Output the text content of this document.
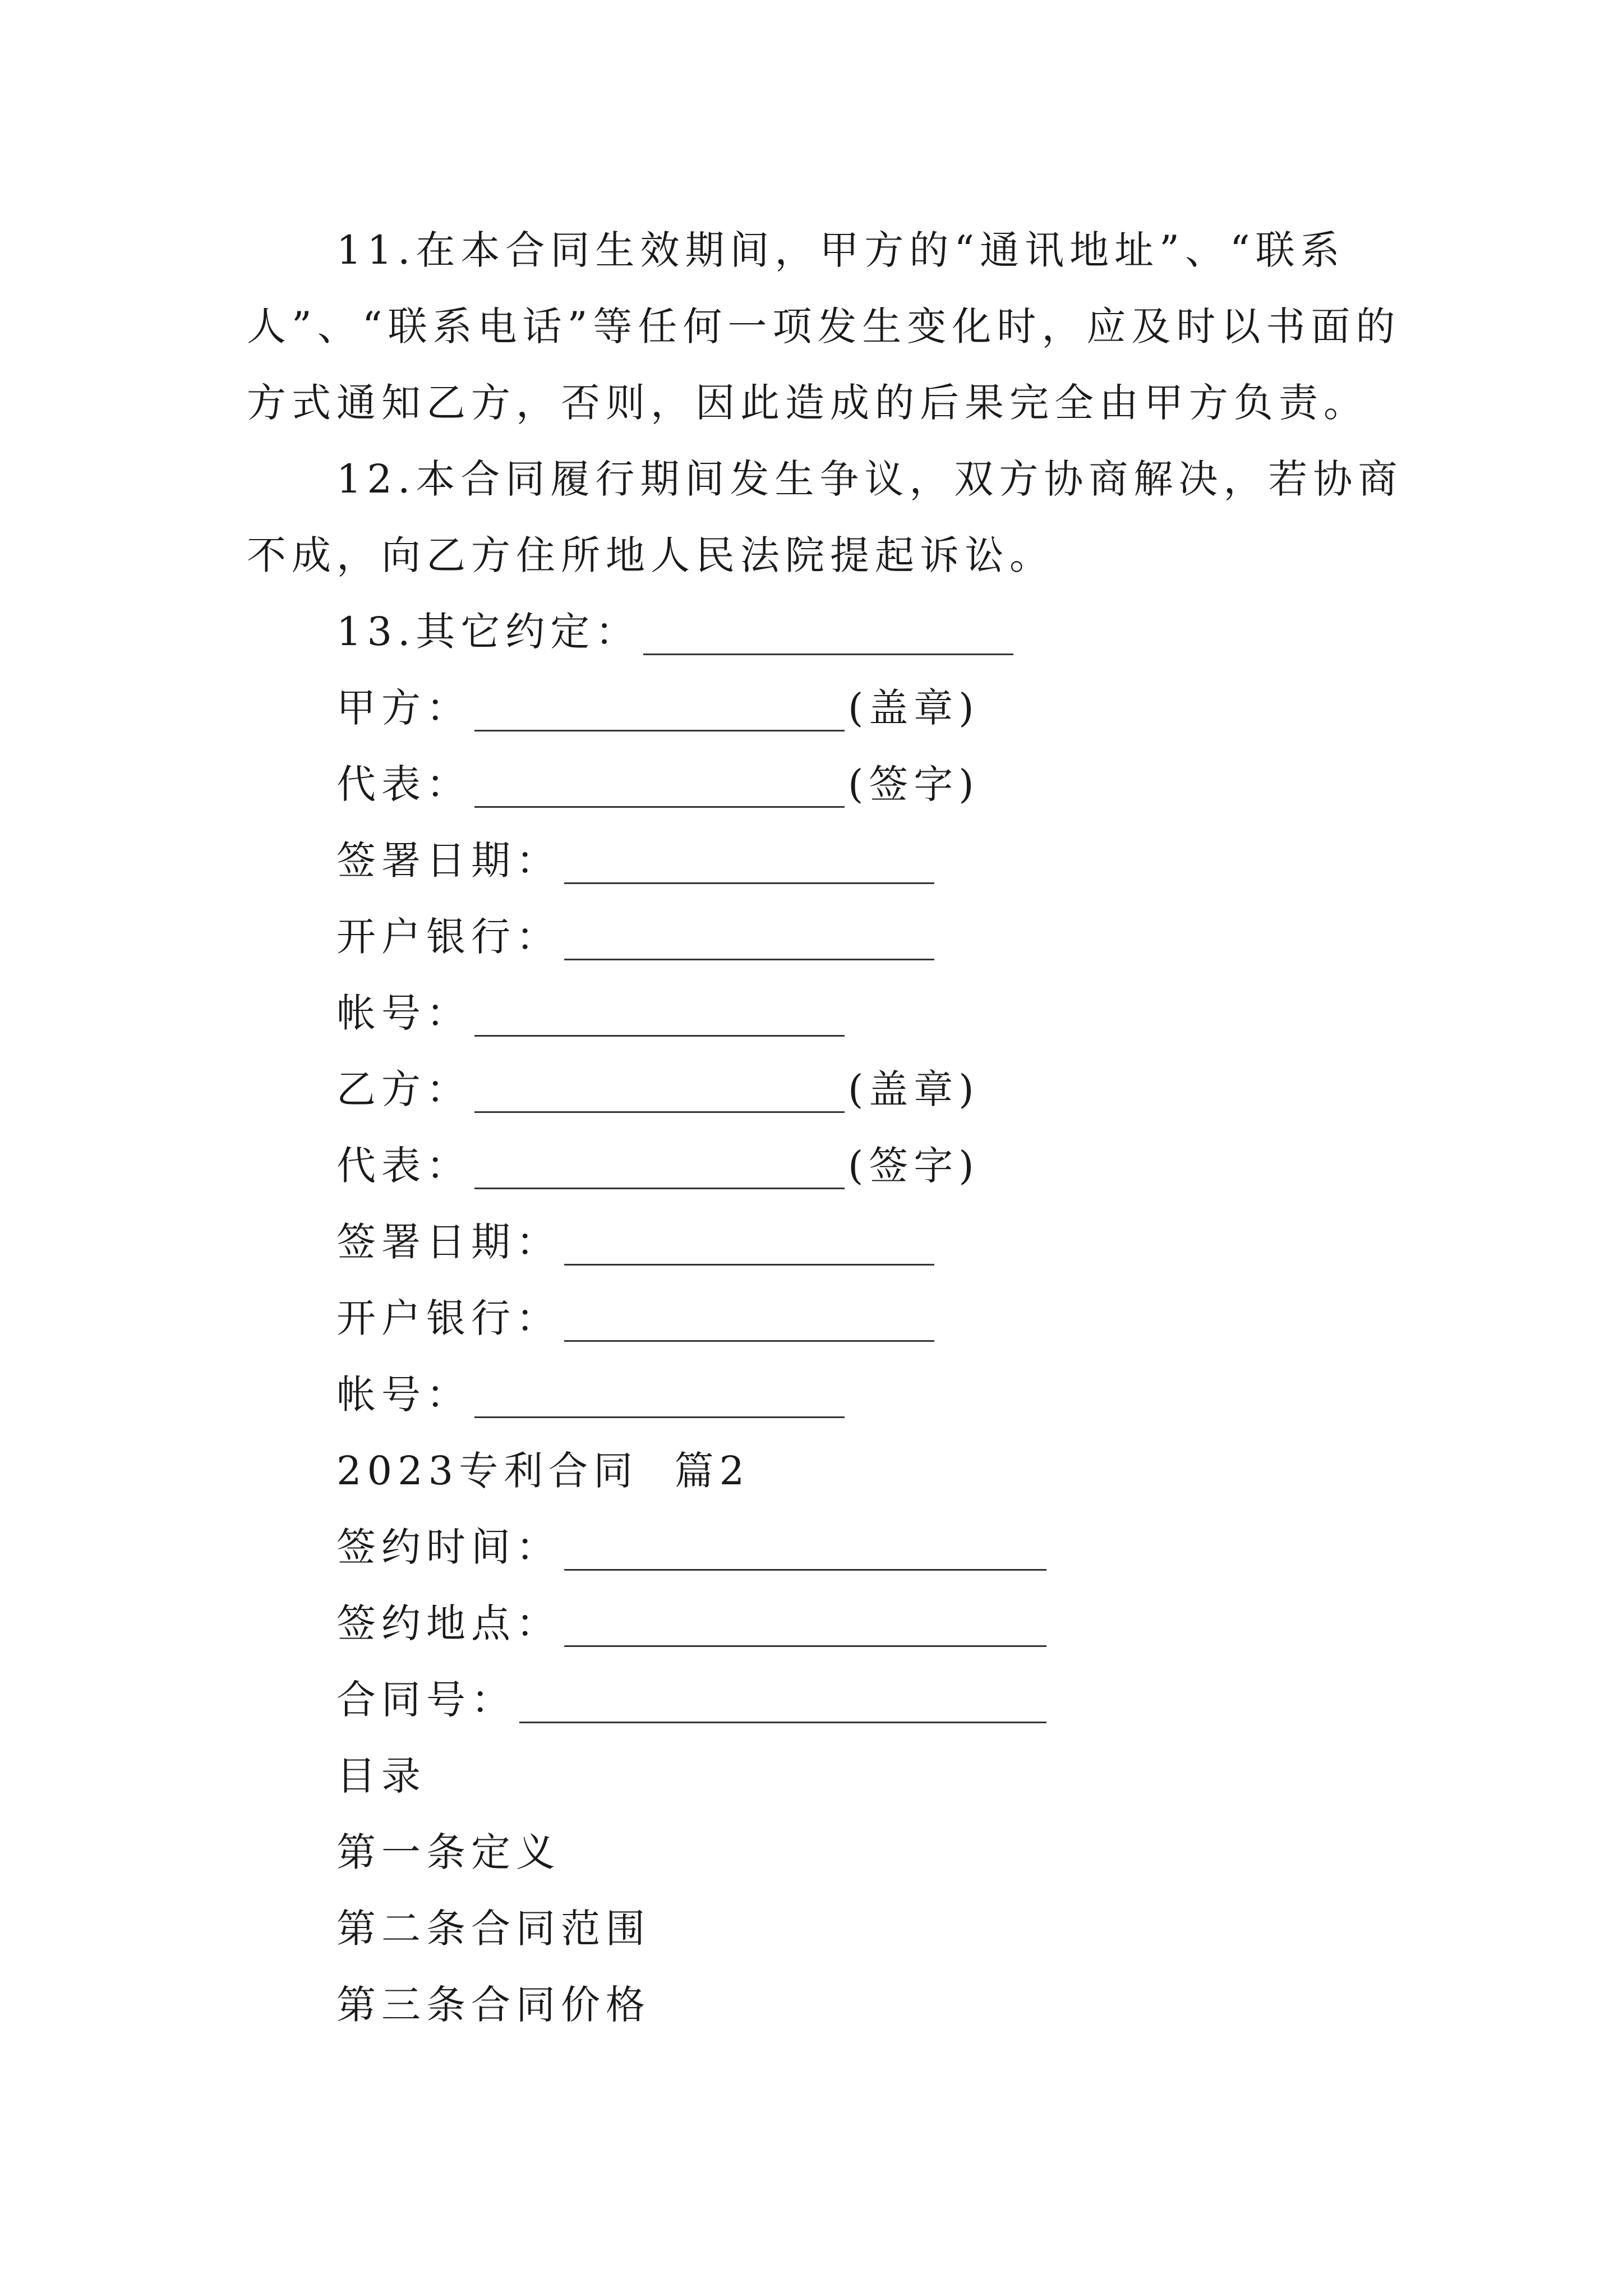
11.在本合同生效期间，甲方的“通讯地址”、“联系人”、“联系电话”等任何一项发生变化时，应及时以书面的方式通知乙方，否则，因此造成的后果完全由甲方负责。

12.本合同履行期间发生争议，双方协商解决，若协商不成，向乙方住所地人民法院提起诉讼。

13.其它约定：
甲方：	(盖章)
代表：	(签字)
签署日期：
开户银行：
帐号：
乙方：	(盖章)
代表：	(签字)
签署日期：
开户银行：
帐号：
2023专利合同  篇2
签约时间：
签约地点：
合同号：
目录
第一条定义
第二条合同范围
第三条合同价格
